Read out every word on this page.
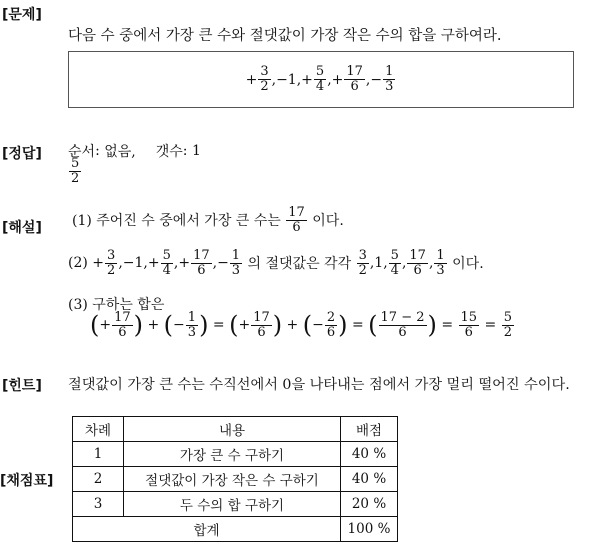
[문제]
다음 수 중에서 가장 큰 수와 절댓값이 가장 작은 수의 합을 구하여라.
+ $\frac{3}{2}$ , −1 , + $\frac{5}{4}$ , + $\frac{17}{6}$ , − $\frac{1}{3}$
[정답] 순서 : 없음, 갯수 : 1
$\frac{5}{2}$
[해설] (1) 주어진 수 중에서 가장 큰 수는
$\frac{17}{6}$
이다.
(2)
+ $\frac{3}{2}$ , −1 , + $\frac{5}{4}$ , + $\frac{17}{6}$ , − $\frac{1}{3}$
의 절댓값은 각각
$\frac{3}{2}$ , 1 , $\frac{5}{4}$ , $\frac{17}{6}$ , $\frac{1}{3}$
이다.
(3) 구하는 합은
( + $\frac{17}{6}$ ) + ( − $\frac{1}{3}$ ) = ( + $\frac{17}{6}$ ) + ( − $\frac{2}{6}$ ) = ( $\frac{17 - 2}{6}$ ) = $\frac{15}{6} = \frac{5}{2}$
[힌트] 절댓값이 가장 큰 수는 수직선에서 0을 나타내는 점에서 가장 멀리 떨어진 수이다.
[채점표]
차례	내용	배점
1	가장 큰 수 구하기	40 %
2	절댓값이 가장 작은 수 구하기	40 %
3	두 수의 합 구하기	20 %
합계		100 %
